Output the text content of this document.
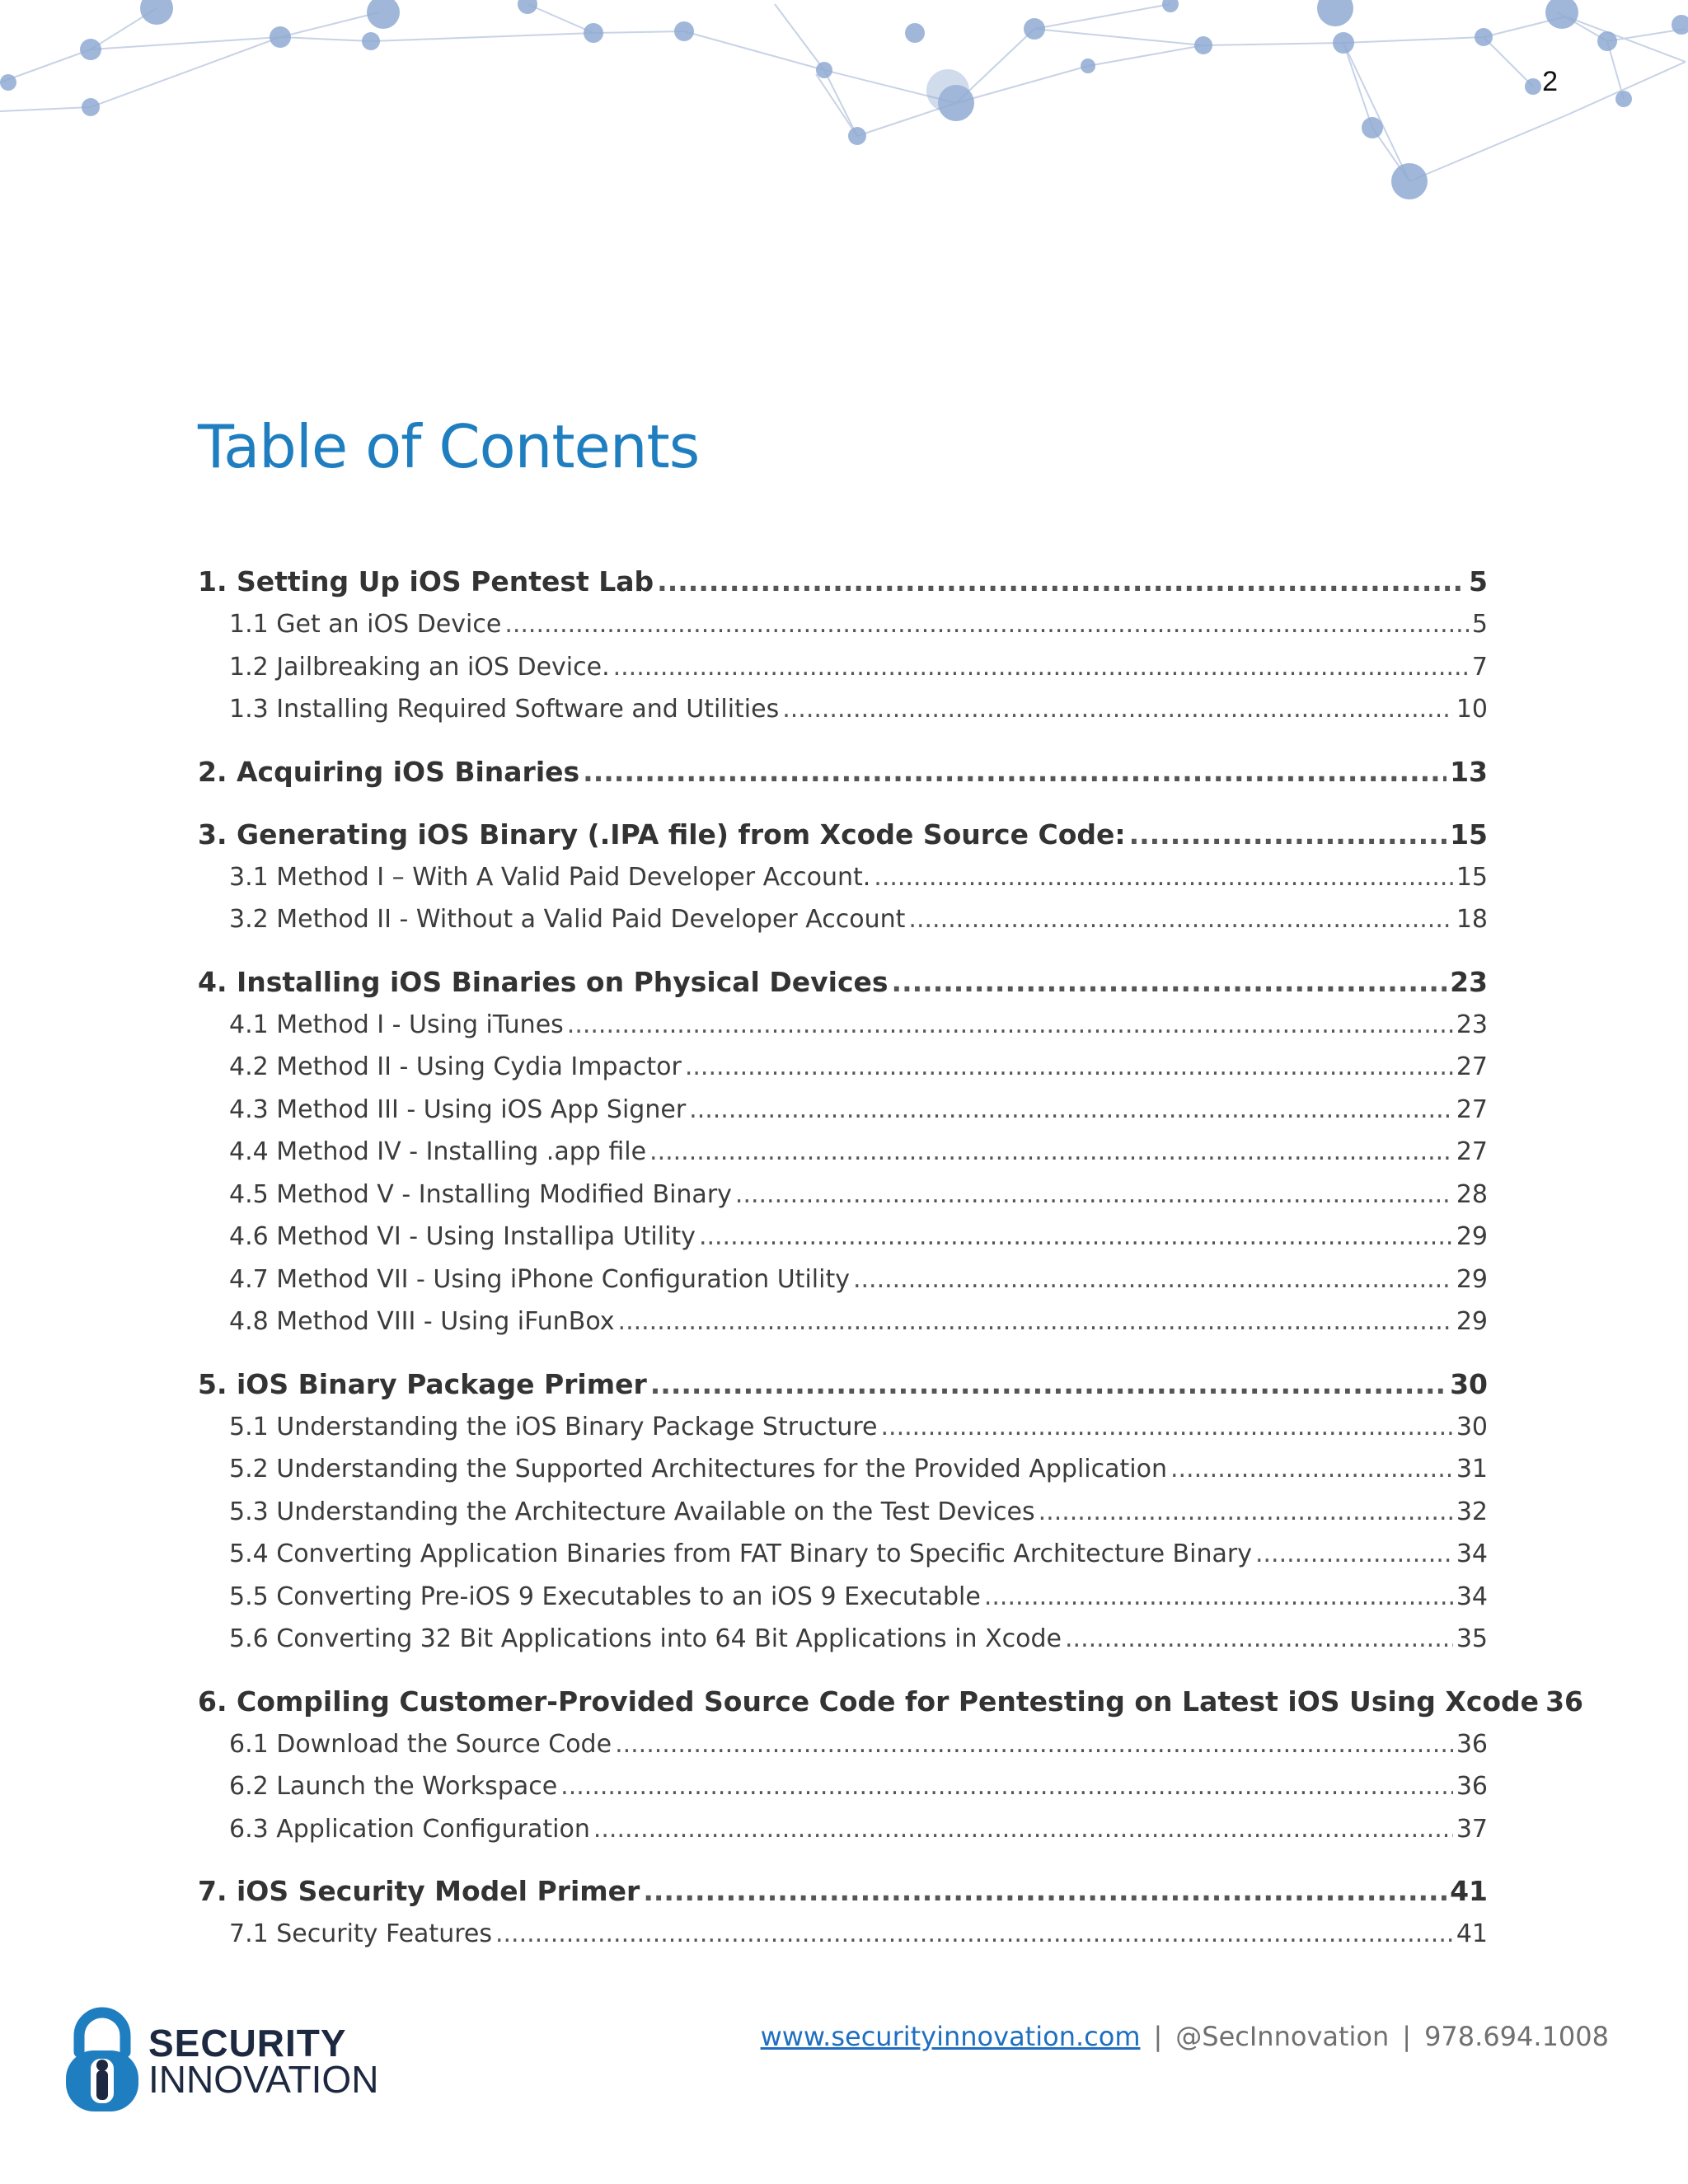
2
Table of Contents
1. Setting Up iOS Pentest Lab .....	5
1.1 Get an iOS Device .....	5
1.2 Jailbreaking an iOS Device. .....	7
1.3 Installing Required Software and Utilities .....	10
2. Acquiring iOS Binaries .....	13
3. Generating iOS Binary (.IPA file) from Xcode Source Code: .....	15
3.1 Method I – With A Valid Paid Developer Account. .....	15
3.2 Method II - Without a Valid Paid Developer Account .....	18
4. Installing iOS Binaries on Physical Devices .....	23
4.1 Method I - Using iTunes .....	23
4.2 Method II - Using Cydia Impactor .....	27
4.3 Method III - Using iOS App Signer .....	27
4.4 Method IV - Installing .app file .....	27
4.5 Method V - Installing Modified Binary .....	28
4.6 Method VI - Using Installipa Utility .....	29
4.7 Method VII - Using iPhone Configuration Utility .....	29
4.8 Method VIII - Using iFunBox .....	29
5. iOS Binary Package Primer .....	30
5.1 Understanding the iOS Binary Package Structure .....	30
5.2 Understanding the Supported Architectures for the Provided Application .....	31
5.3 Understanding the Architecture Available on the Test Devices .....	32
5.4 Converting Application Binaries from FAT Binary to Specific Architecture Binary .....	34
5.5 Converting Pre-iOS 9 Executables to an iOS 9 Executable .....	34
5.6 Converting 32 Bit Applications into 64 Bit Applications in Xcode .....	35
6. Compiling Customer-Provided Source Code for Pentesting on Latest iOS Using Xcode 36
6.1 Download the Source Code .....	36
6.2 Launch the Workspace .....	36
6.3 Application Configuration .....	37
7. iOS Security Model Primer .....	41
7.1 Security Features .....	41

SECURITY

INNOVATION

www.securityinnovation.com | @SecInnovation | 978.694.1008
